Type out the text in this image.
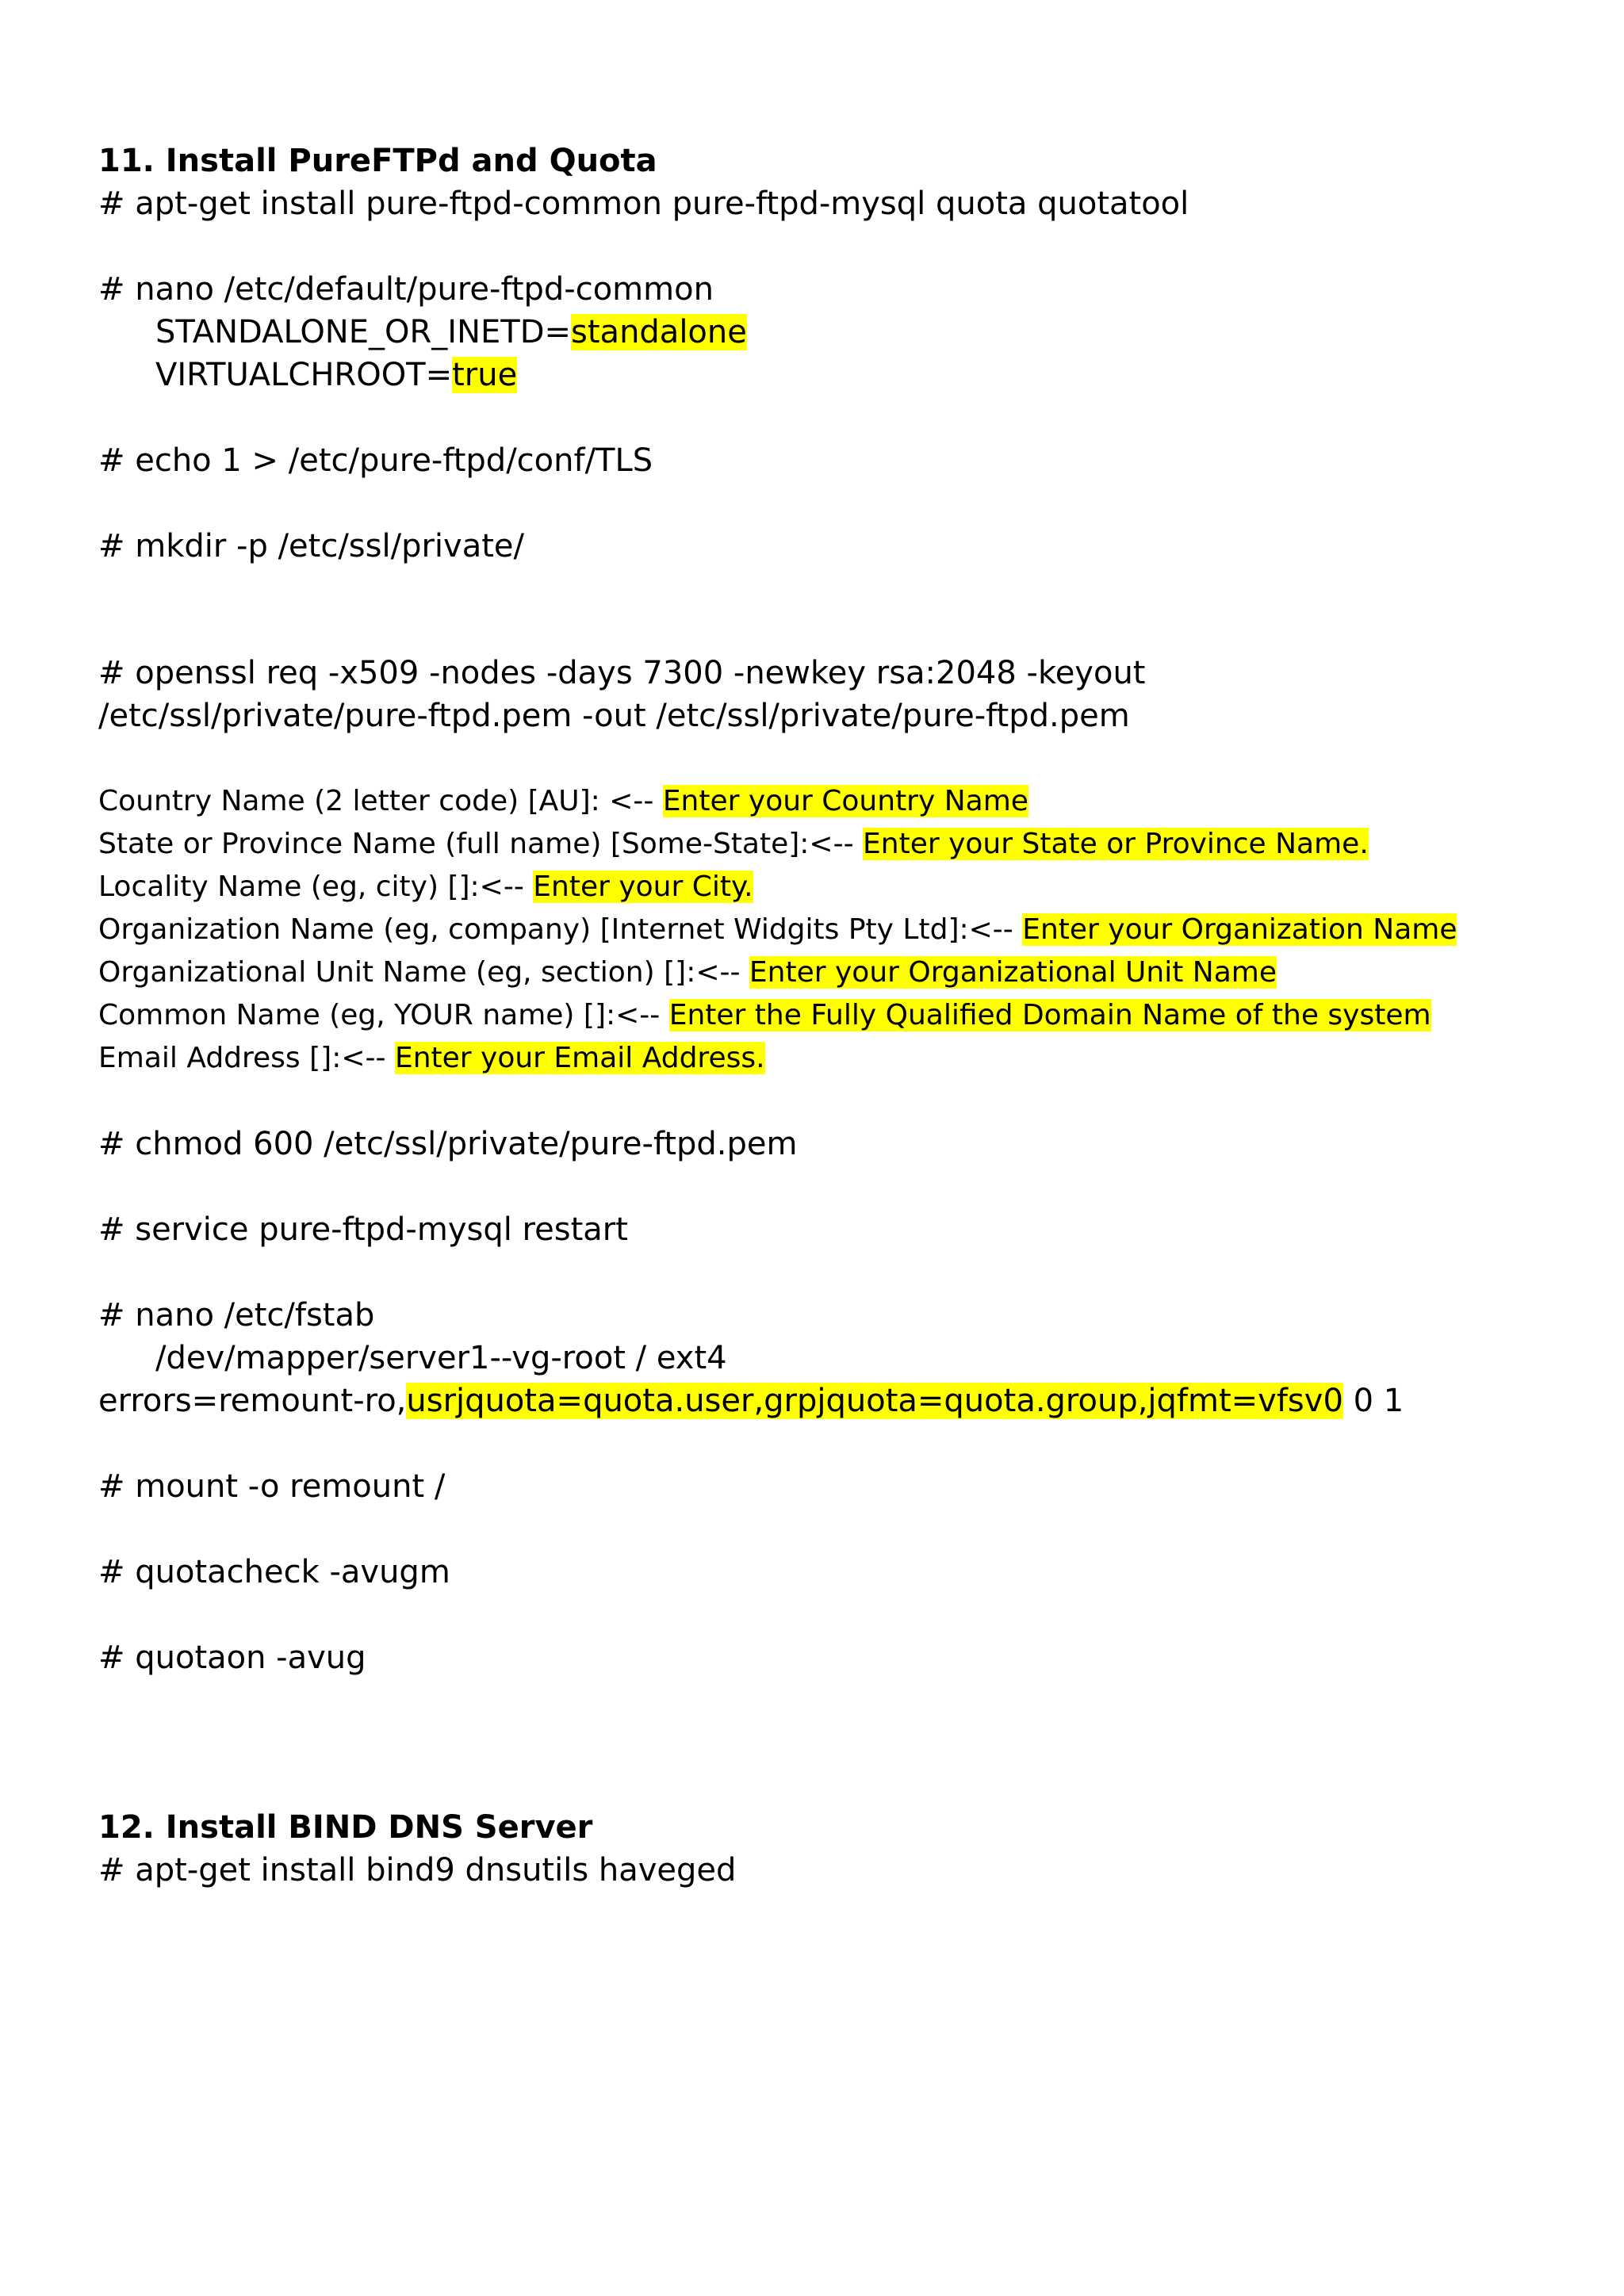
11. Install PureFTPd and Quota
# apt-get install pure-ftpd-common pure-ftpd-mysql quota quotatool
# nano /etc/default/pure-ftpd-common
STANDALONE_OR_INETD=standalone
VIRTUALCHROOT=true
# echo 1 > /etc/pure-ftpd/conf/TLS
# mkdir -p /etc/ssl/private/
# openssl req -x509 -nodes -days 7300 -newkey rsa:2048 -keyout
/etc/ssl/private/pure-ftpd.pem -out /etc/ssl/private/pure-ftpd.pem
Country Name (2 letter code) [AU]: <-- Enter your Country Name
State or Province Name (full name) [Some-State]:<-- Enter your State or Province Name.
Locality Name (eg, city) []:<-- Enter your City.
Organization Name (eg, company) [Internet Widgits Pty Ltd]:<-- Enter your Organization Name
Organizational Unit Name (eg, section) []:<-- Enter your Organizational Unit Name
Common Name (eg, YOUR name) []:<-- Enter the Fully Qualified Domain Name of the system
Email Address []:<-- Enter your Email Address.
# chmod 600 /etc/ssl/private/pure-ftpd.pem
# service pure-ftpd-mysql restart
# nano /etc/fstab
/dev/mapper/server1--vg-root / ext4
errors=remount-ro,usrjquota=quota.user,grpjquota=quota.group,jqfmt=vfsv0 0 1
# mount -o remount /
# quotacheck -avugm
# quotaon -avug
12. Install BIND DNS Server
# apt-get install bind9 dnsutils haveged
